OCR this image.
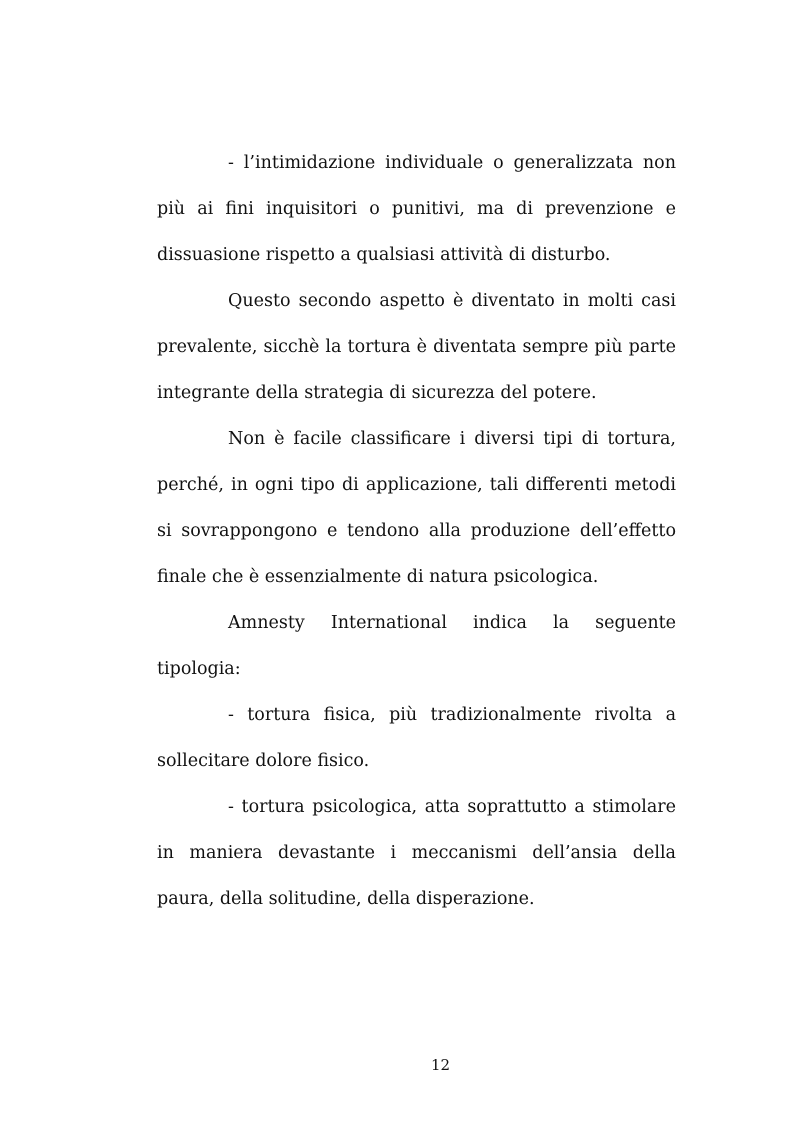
- l’intimidazione individuale o generalizzata non più ai fini inquisitori o punitivi, ma di prevenzione e dissuasione rispetto a qualsiasi attività di disturbo.

Questo secondo aspetto è diventato in molti casi prevalente, sicchè la tortura è diventata sempre più parte integrante della strategia di sicurezza del potere.

Non è facile classificare i diversi tipi di tortura, perché, in ogni tipo di applicazione, tali differenti metodi si sovrappongono e tendono alla produzione dell’effetto finale che è essenzialmente di natura psicologica.

Amnesty International indica la seguente tipologia:

- tortura fisica, più tradizionalmente rivolta a sollecitare dolore fisico.

- tortura psicologica, atta soprattutto a stimolare in maniera devastante i meccanismi dell’ansia della paura, della solitudine, della disperazione.

12
